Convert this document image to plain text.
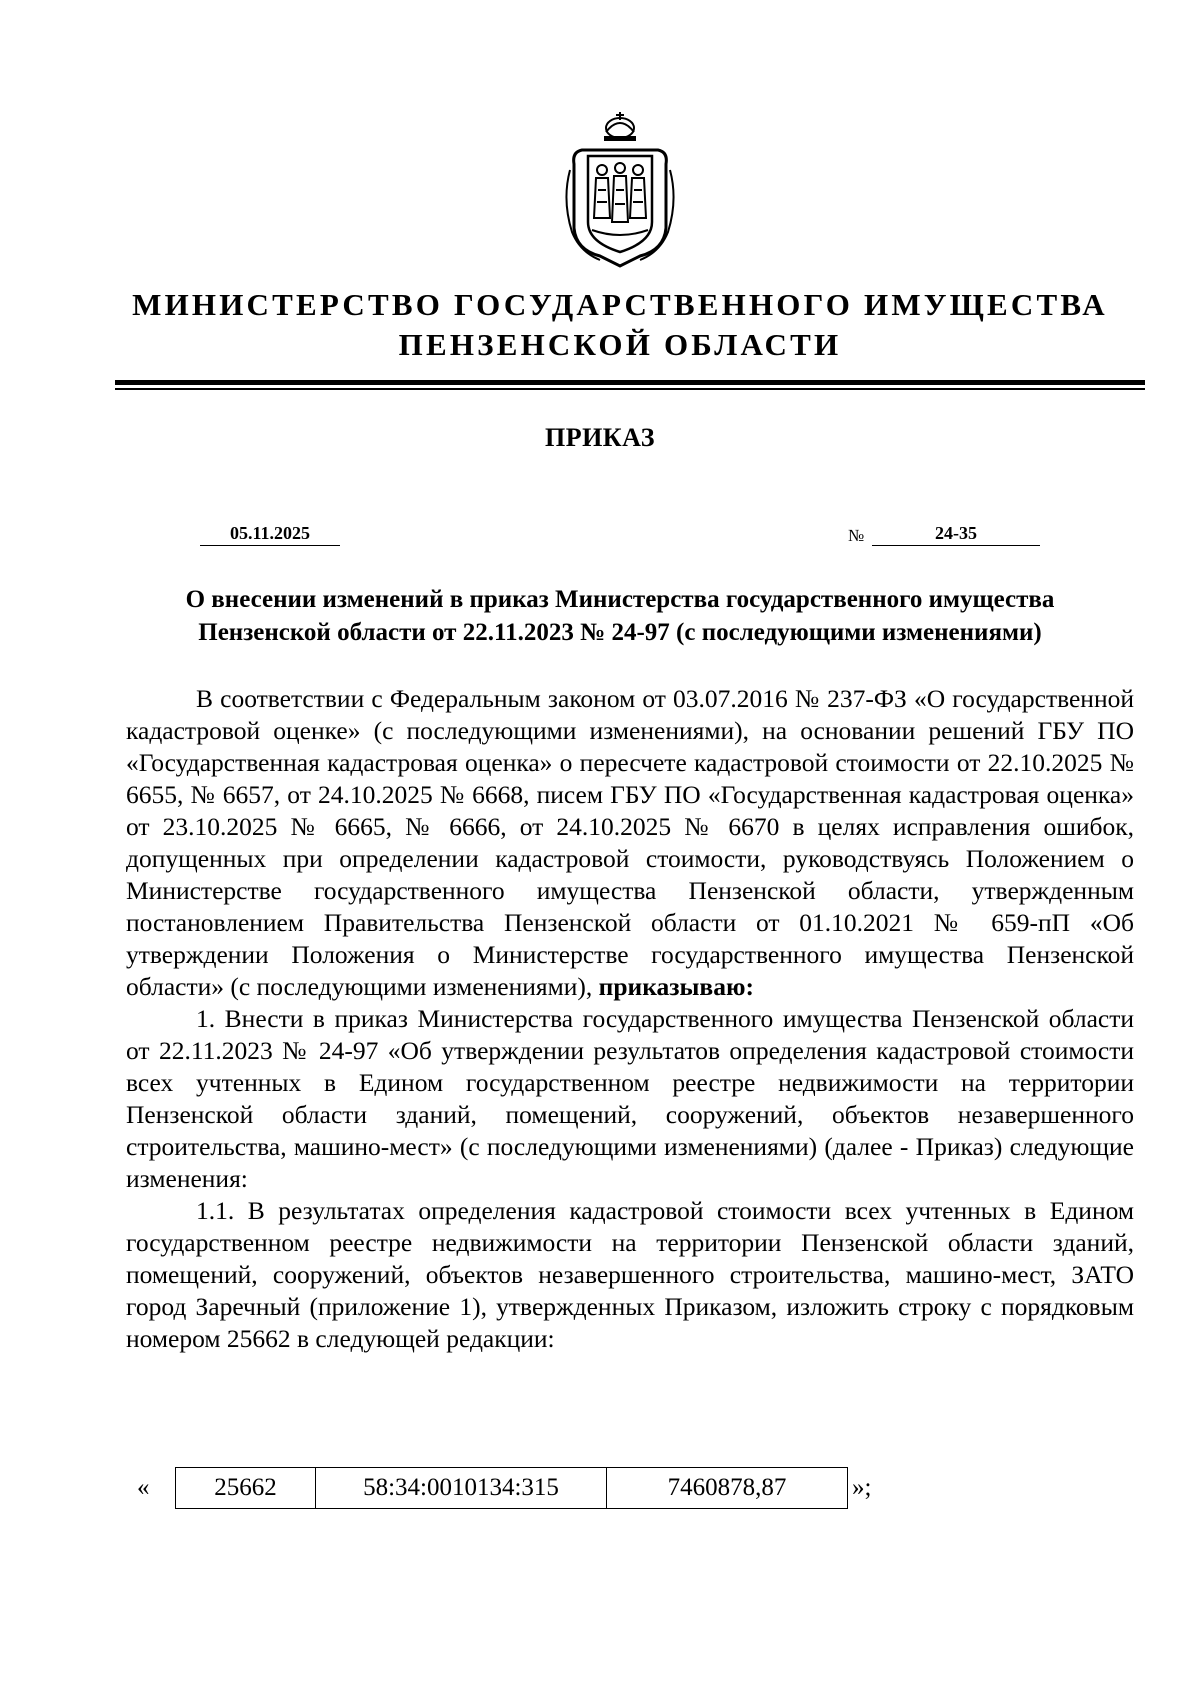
МИНИСТЕРСТВО ГОСУДАРСТВЕННОГО ИМУЩЕСТВА
ПЕНЗЕНСКОЙ ОБЛАСТИ
ПРИКАЗ
05.11.2025	№	24-35
О внесении изменений в приказ Министерства государственного имущества
Пензенской области от 22.11.2023 № 24-97 (с последующими изменениями)

В соответствии с Федеральным законом от 03.07.2016 № 237-ФЗ «О государственной кадастровой оценке» (с последующими изменениями), на основании решений ГБУ ПО «Государственная кадастровая оценка» о пересчете кадастровой стоимости от 22.10.2025 № 6655, № 6657, от 24.10.2025 № 6668, писем ГБУ ПО «Государственная кадастровая оценка» от 23.10.2025 № 6665, № 6666, от 24.10.2025 № 6670 в целях исправления ошибок, допущенных при определении кадастровой стоимости, руководствуясь Положением о Министерстве государственного имущества Пензенской области, утвержденным постановлением Правительства Пензенской области от 01.10.2021 № 659-пП «Об утверждении Положения о Министерстве государственного имущества Пензенской области» (с последующими изменениями), приказываю:

1. Внести в приказ Министерства государственного имущества Пензенской области от 22.11.2023 № 24-97 «Об утверждении результатов определения кадастровой стоимости всех учтенных в Едином государственном реестре недвижимости на территории Пензенской области зданий, помещений, сооружений, объектов незавершенного строительства, машино-мест» (с последующими изменениями) (далее - Приказ) следующие изменения:

1.1. В результатах определения кадастровой стоимости всех учтенных в Едином государственном реестре недвижимости на территории Пензенской области зданий, помещений, сооружений, объектов незавершенного строительства, машино-мест, ЗАТО город Заречный (приложение 1), утвержденных Приказом, изложить строку с порядковым номером 25662 в следующей редакции:

«	25662	58:34:0010134:315	7460878,87	»;
